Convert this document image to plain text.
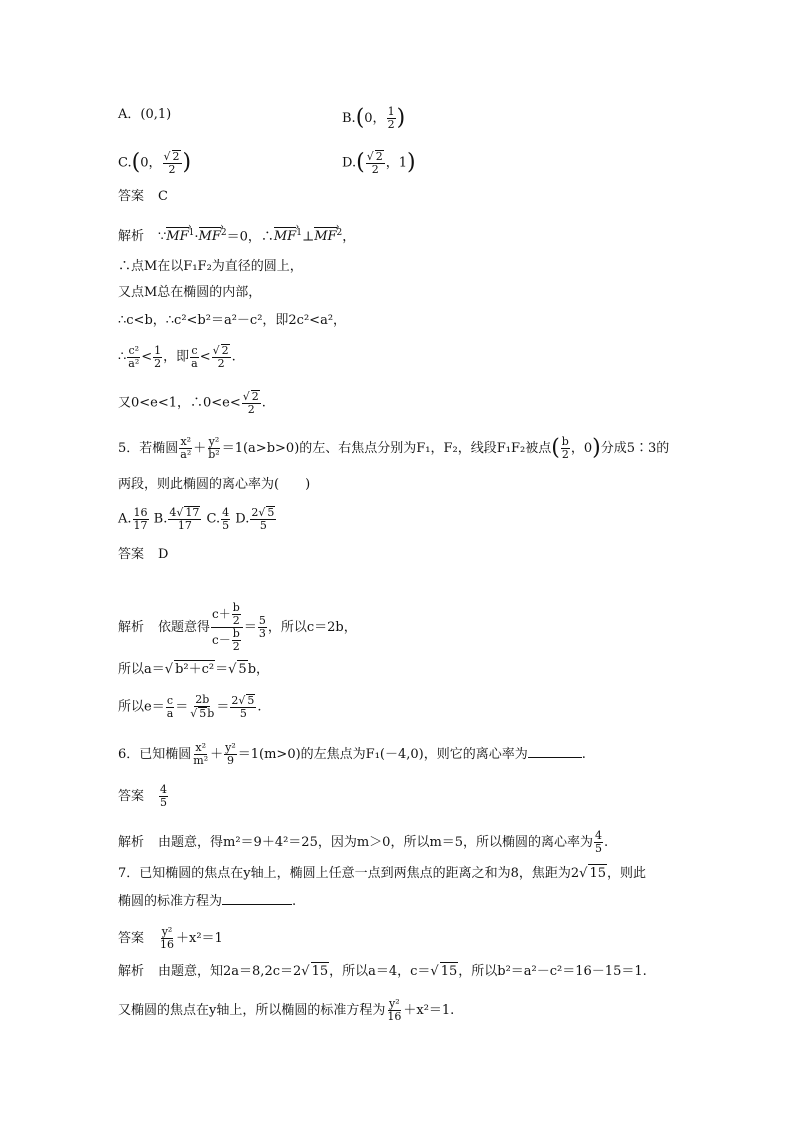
A．(0,1)	B.(0， $\frac{1}{2}$ )
C.(0， √ $\frac{2}{2}$ )	D.( √ $\frac{2}{2}$ ，1)
答案 C
解析 ∵MF ›$^1$·MF ›$^2$＝0，∴MF ›$^1$⊥MF ›$^2$，
∴点M在以F₁F₂为直径的圆上，
又点M总在椭圆的内部，
∴c<b，∴c²<b²＝a²－c²，即2c²<a²，
∴ $\frac{\text{c²}}{\text{a²}} < \frac{1}{2}$ ，即 $\frac{c}{a}$ < √ $\frac{2}{2}$ .
又0<e<1，∴0<e< √ $\frac{2}{2}$ .
5．若椭圆 $\frac{\text{x²}}{\text{a²}} + \frac{\text{y²}}{\text{b²}} =1(a>b>0)$的左、右焦点分别为F₁，F₂，线段F₁F₂被点( $\frac{b}{2}$ ，0)分成5∶3的
两段，则此椭圆的离心率为(　　)
A. $\frac{16}{17} B$. $\frac{4 √ 17}{17} C$. $\frac{4}{5} D$. $\frac{2 √ 5}{5}$
答案 D
解析 依题意得 $\frac{c+ \frac{b}{2}}{c- \frac{b}{2}} = \frac{5}{3}$ ，所以c＝2b，
所以a＝ √ b²＋c²＝ √ 5b，
所以$e= \frac{c}{a} = 2b$
√ $5b = \frac{2 √ 5}{5}$ .
6．已知椭圆 $\frac{\text{x²}}{\text{m²}} + \frac{\text{y²}}{9} =1(m>0)$的左焦点为F₁(－4,0)，则它的离心率为	.
答案 $\frac{4}{5}$
解析 由题意，得m²＝9＋4²＝25，因为m＞0，所以m＝5，所以椭圆的离心率为 $\frac{4}{5}$ .
7．已知椭圆的焦点在y轴上，椭圆上任意一点到两焦点的距离之和为8，焦距为2 √ 15，则此
椭圆的标准方程为	.
答案 $\frac{\text{y²}}{16} +x^2=1$
解析 由题意，知2a＝8,2c＝2 √ 15，所以a＝4，c＝ √ 15，所以b²＝a²－c²＝16－15＝1.
又椭圆的焦点在y轴上，所以椭圆的标准方程为 $\frac{\text{y²}}{16} +x^2=1$.
